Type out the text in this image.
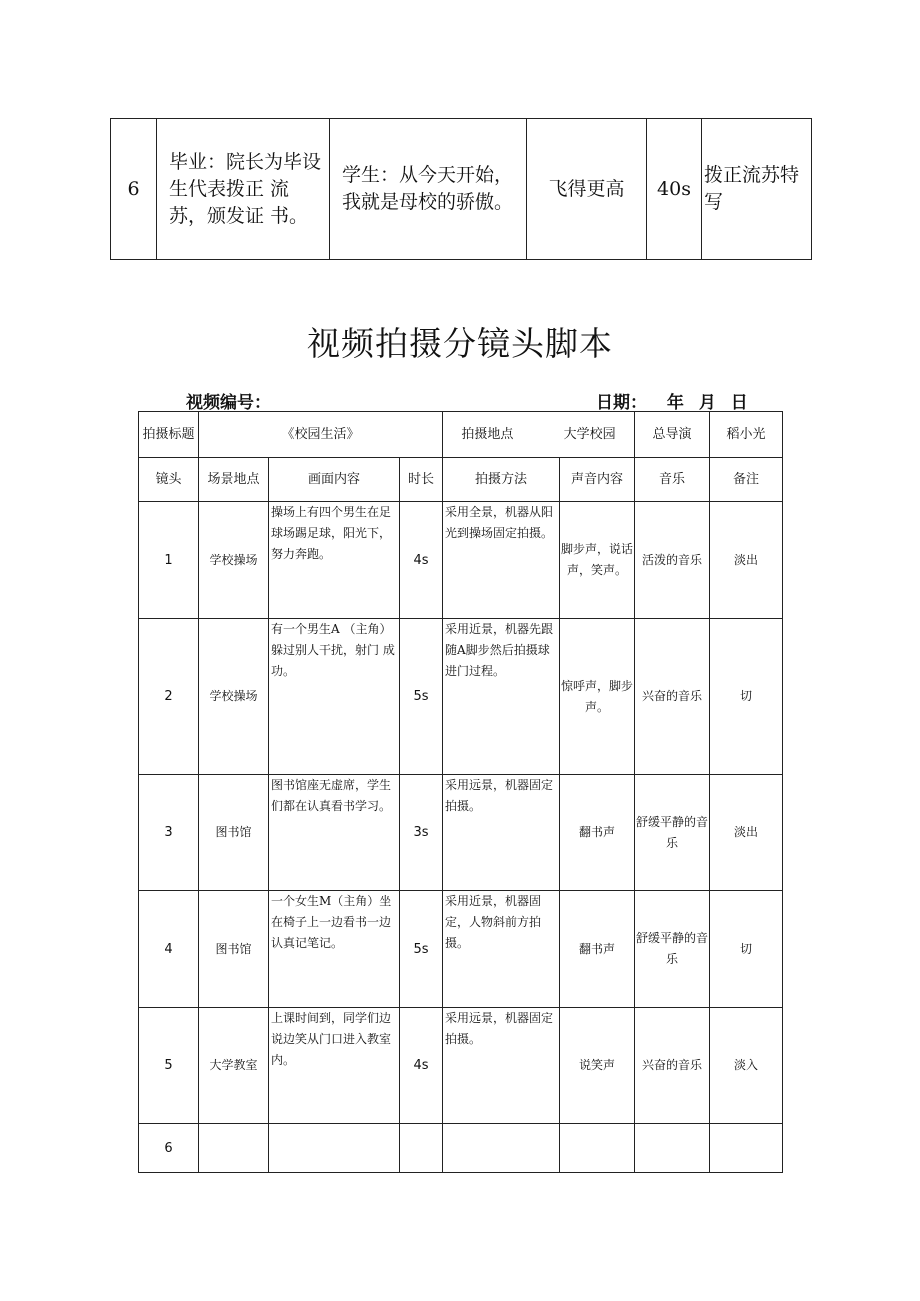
6	毕业：院长为毕设生代表拨正 流苏，颁发证 书。	学生：从今天开始，我就是母校的骄傲。	飞得更高	40s	拨正流苏特 写
视频拍摄分镜头脚本
视频编号：	日期： 年 月 日
拍摄标题	《校园生活》			拍摄地点 大学校园		总导演	稻小光
镜头	场景地点	画面内容	时长	拍摄方法	声音内容	音乐	备注
1	学校操场	操场上有四个男生在足球场踢足球，阳光下，努力奔跑。	4s	采用全景，机器从阳光到操场固定拍摄。	脚步声，说话声，笑声。	活泼的音乐	淡出
2	学校操场	有一个男生A （主角） 躲过别人干扰，射门 成功。	5s	采用近景，机器先跟随A脚步然后拍摄球进门过程。	惊呼声，脚步声。	兴奋的音乐	切
3	图书馆	图书馆座无虚席，学生们都在认真看书学习。	3s	采用远景，机器固定拍摄。	翻书声	舒缓平静的音乐	淡出
4	图书馆	一个女生M（主角）坐在椅子上一边看书一边认真记笔记。	5s	采用近景，机器固定，人物斜前方拍摄。	翻书声	舒缓平静的音乐	切
5	大学教室	上课时间到，同学们边说边笑从门口进入教室内。	4s	采用远景，机器固定拍摄。	说笑声	兴奋的音乐	淡入
6							
